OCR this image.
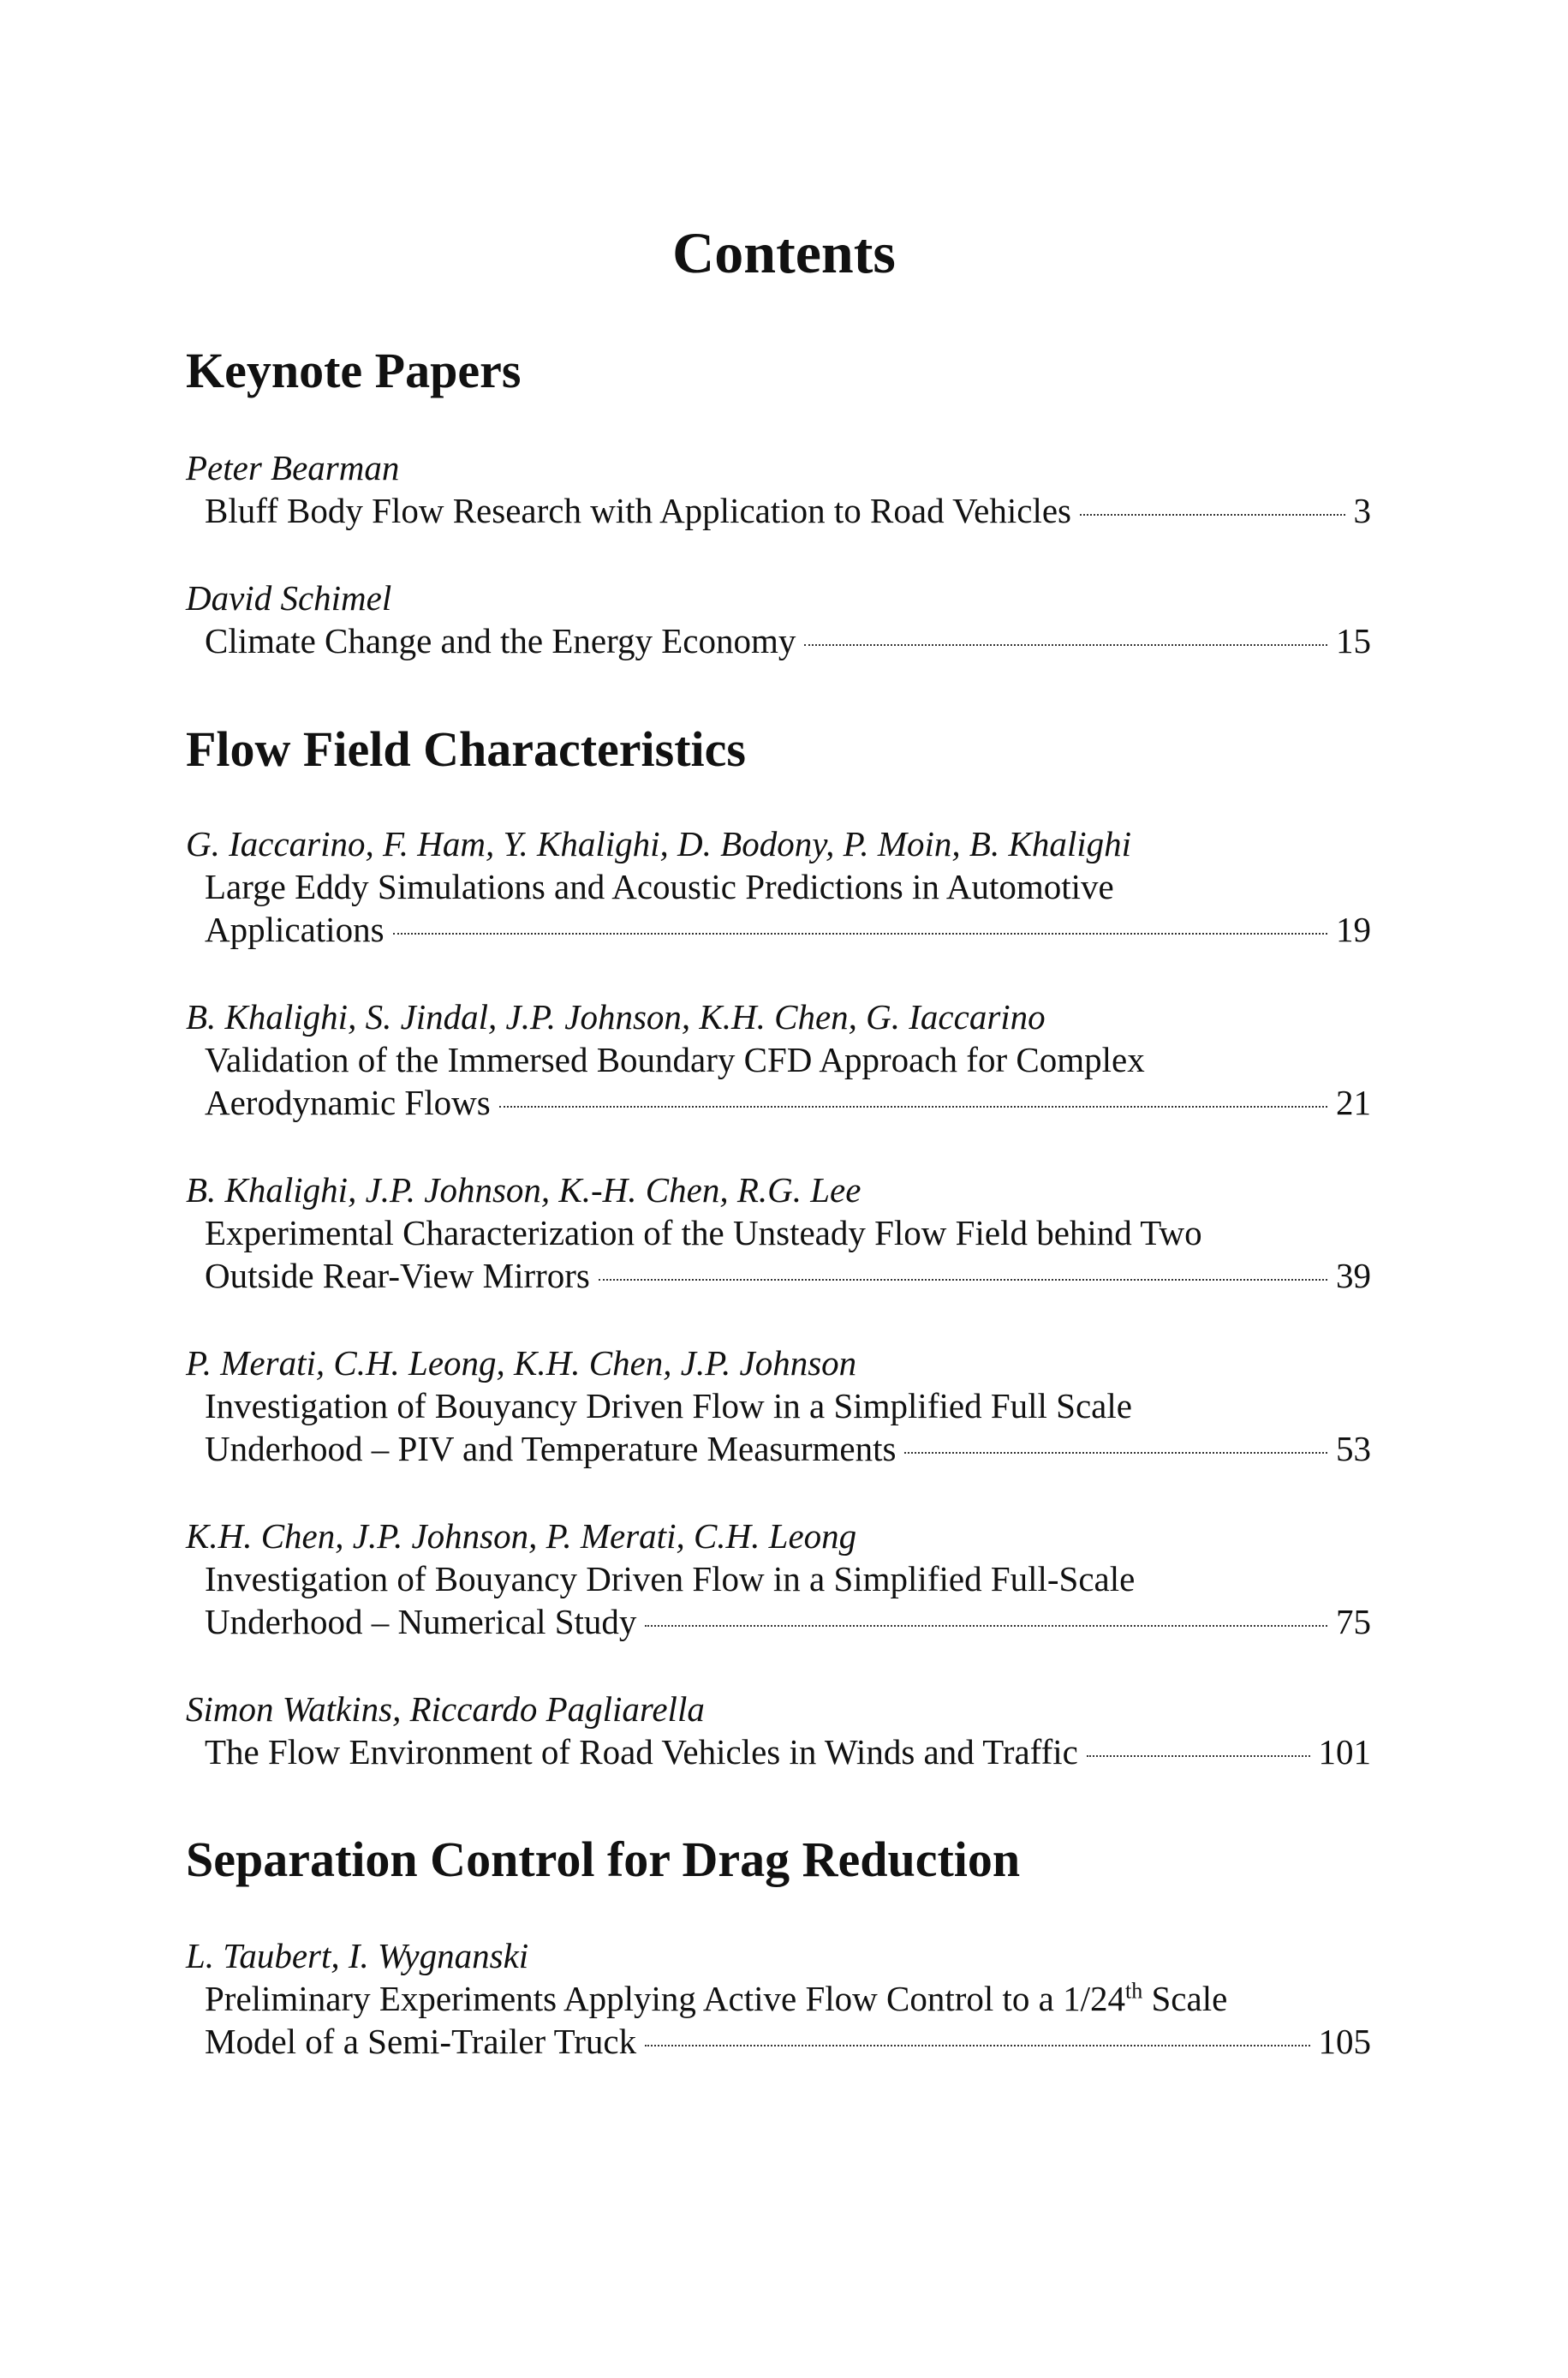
Contents
Keynote Papers
Peter Bearman
Bluff Body Flow Research with Application to Road Vehicles	3
David Schimel
Climate Change and the Energy Economy	15
Flow Field Characteristics
G. Iaccarino, F. Ham, Y. Khalighi, D. Bodony, P. Moin, B. Khalighi
Large Eddy Simulations and Acoustic Predictions in Automotive
Applications	19
B. Khalighi, S. Jindal, J.P. Johnson, K.H. Chen, G. Iaccarino
Validation of the Immersed Boundary CFD Approach for Complex
Aerodynamic Flows	21
B. Khalighi, J.P. Johnson, K.-H. Chen, R.G. Lee
Experimental Characterization of the Unsteady Flow Field behind Two
Outside Rear-View Mirrors	39
P. Merati, C.H. Leong, K.H. Chen, J.P. Johnson
Investigation of Bouyancy Driven Flow in a Simplified Full Scale
Underhood – PIV and Temperature Measurments	53
K.H. Chen, J.P. Johnson, P. Merati, C.H. Leong
Investigation of Bouyancy Driven Flow in a Simplified Full-Scale
Underhood – Numerical Study	75
Simon Watkins, Riccardo Pagliarella
The Flow Environment of Road Vehicles in Winds and Traffic	101
Separation Control for Drag Reduction
L. Taubert, I. Wygnanski
Preliminary Experiments Applying Active Flow Control to a 1/24th Scale
Model of a Semi-Trailer Truck	105
